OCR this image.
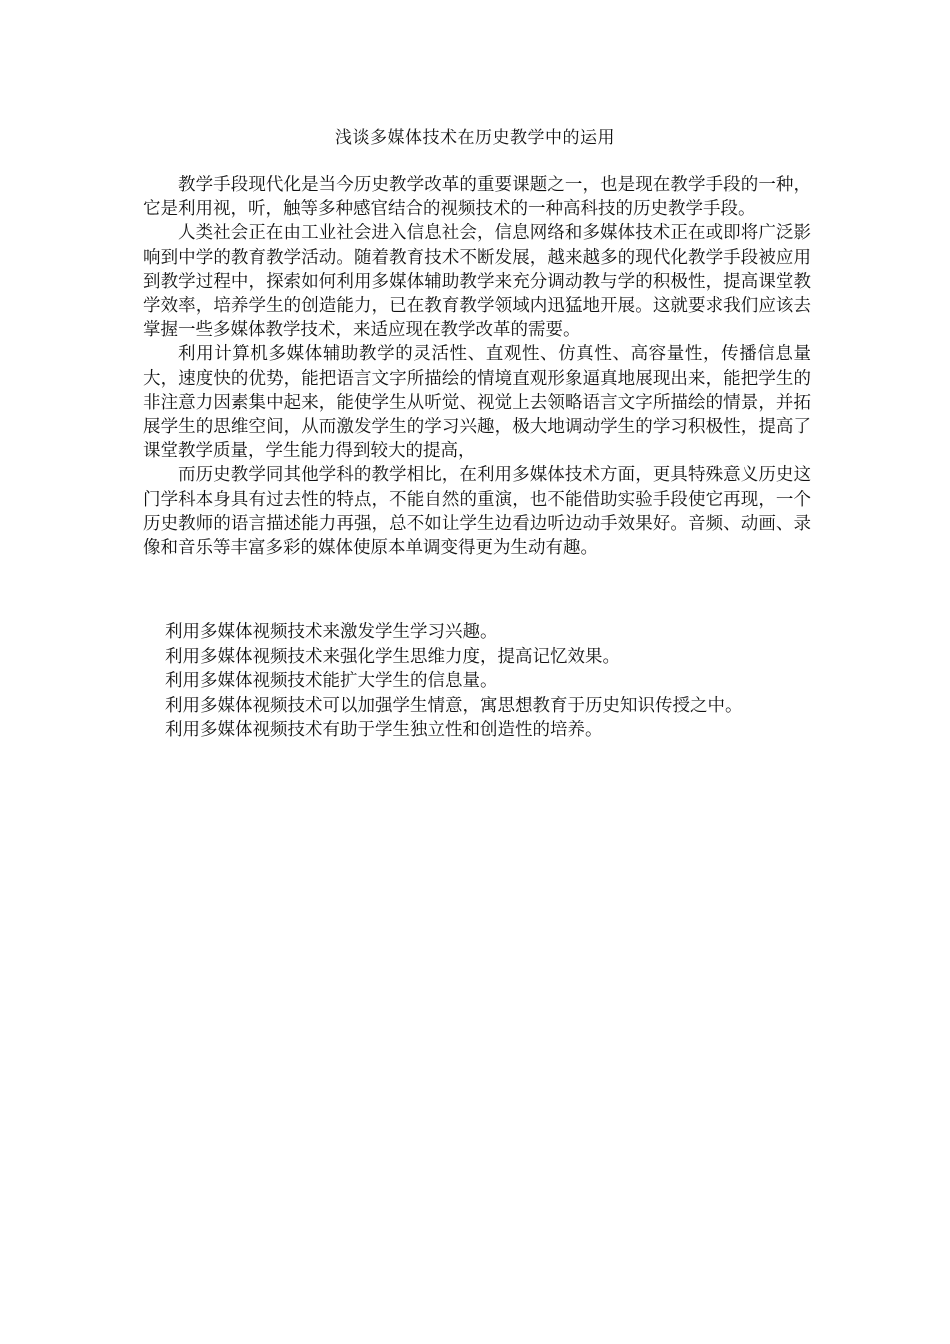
浅谈多媒体技术在历史教学中的运用

教学手段现代化是当今历史教学改革的重要课题之一，也是现在教学手段的一种，它是利用视，听，触等多种感官结合的视频技术的一种高科技的历史教学手段。

人类社会正在由工业社会进入信息社会，信息网络和多媒体技术正在或即将广泛影响到中学的教育教学活动。随着教育技术不断发展，越来越多的现代化教学手段被应用到教学过程中，探索如何利用多媒体辅助教学来充分调动教与学的积极性，提高课堂教学效率，培养学生的创造能力，已在教育教学领域内迅猛地开展。这就要求我们应该去掌握一些多媒体教学技术，来适应现在教学改革的需要。

利用计算机多媒体辅助教学的灵活性、直观性、仿真性、高容量性，传播信息量大，速度快的优势，能把语言文字所描绘的情境直观形象逼真地展现出来，能把学生的非注意力因素集中起来，能使学生从听觉、视觉上去领略语言文字所描绘的情景，并拓展学生的思维空间，从而激发学生的学习兴趣，极大地调动学生的学习积极性，提高了课堂教学质量，学生能力得到较大的提高，

而历史教学同其他学科的教学相比，在利用多媒体技术方面，更具特殊意义历史这门学科本身具有过去性的特点，不能自然的重演，也不能借助实验手段使它再现，一个历史教师的语言描述能力再强，总不如让学生边看边听边动手效果好。音频、动画、录像和音乐等丰富多彩的媒体使原本单调变得更为生动有趣。

利用多媒体视频技术来激发学生学习兴趣。

利用多媒体视频技术来强化学生思维力度，提高记忆效果。

利用多媒体视频技术能扩大学生的信息量。

利用多媒体视频技术可以加强学生情意，寓思想教育于历史知识传授之中。

利用多媒体视频技术有助于学生独立性和创造性的培养。
